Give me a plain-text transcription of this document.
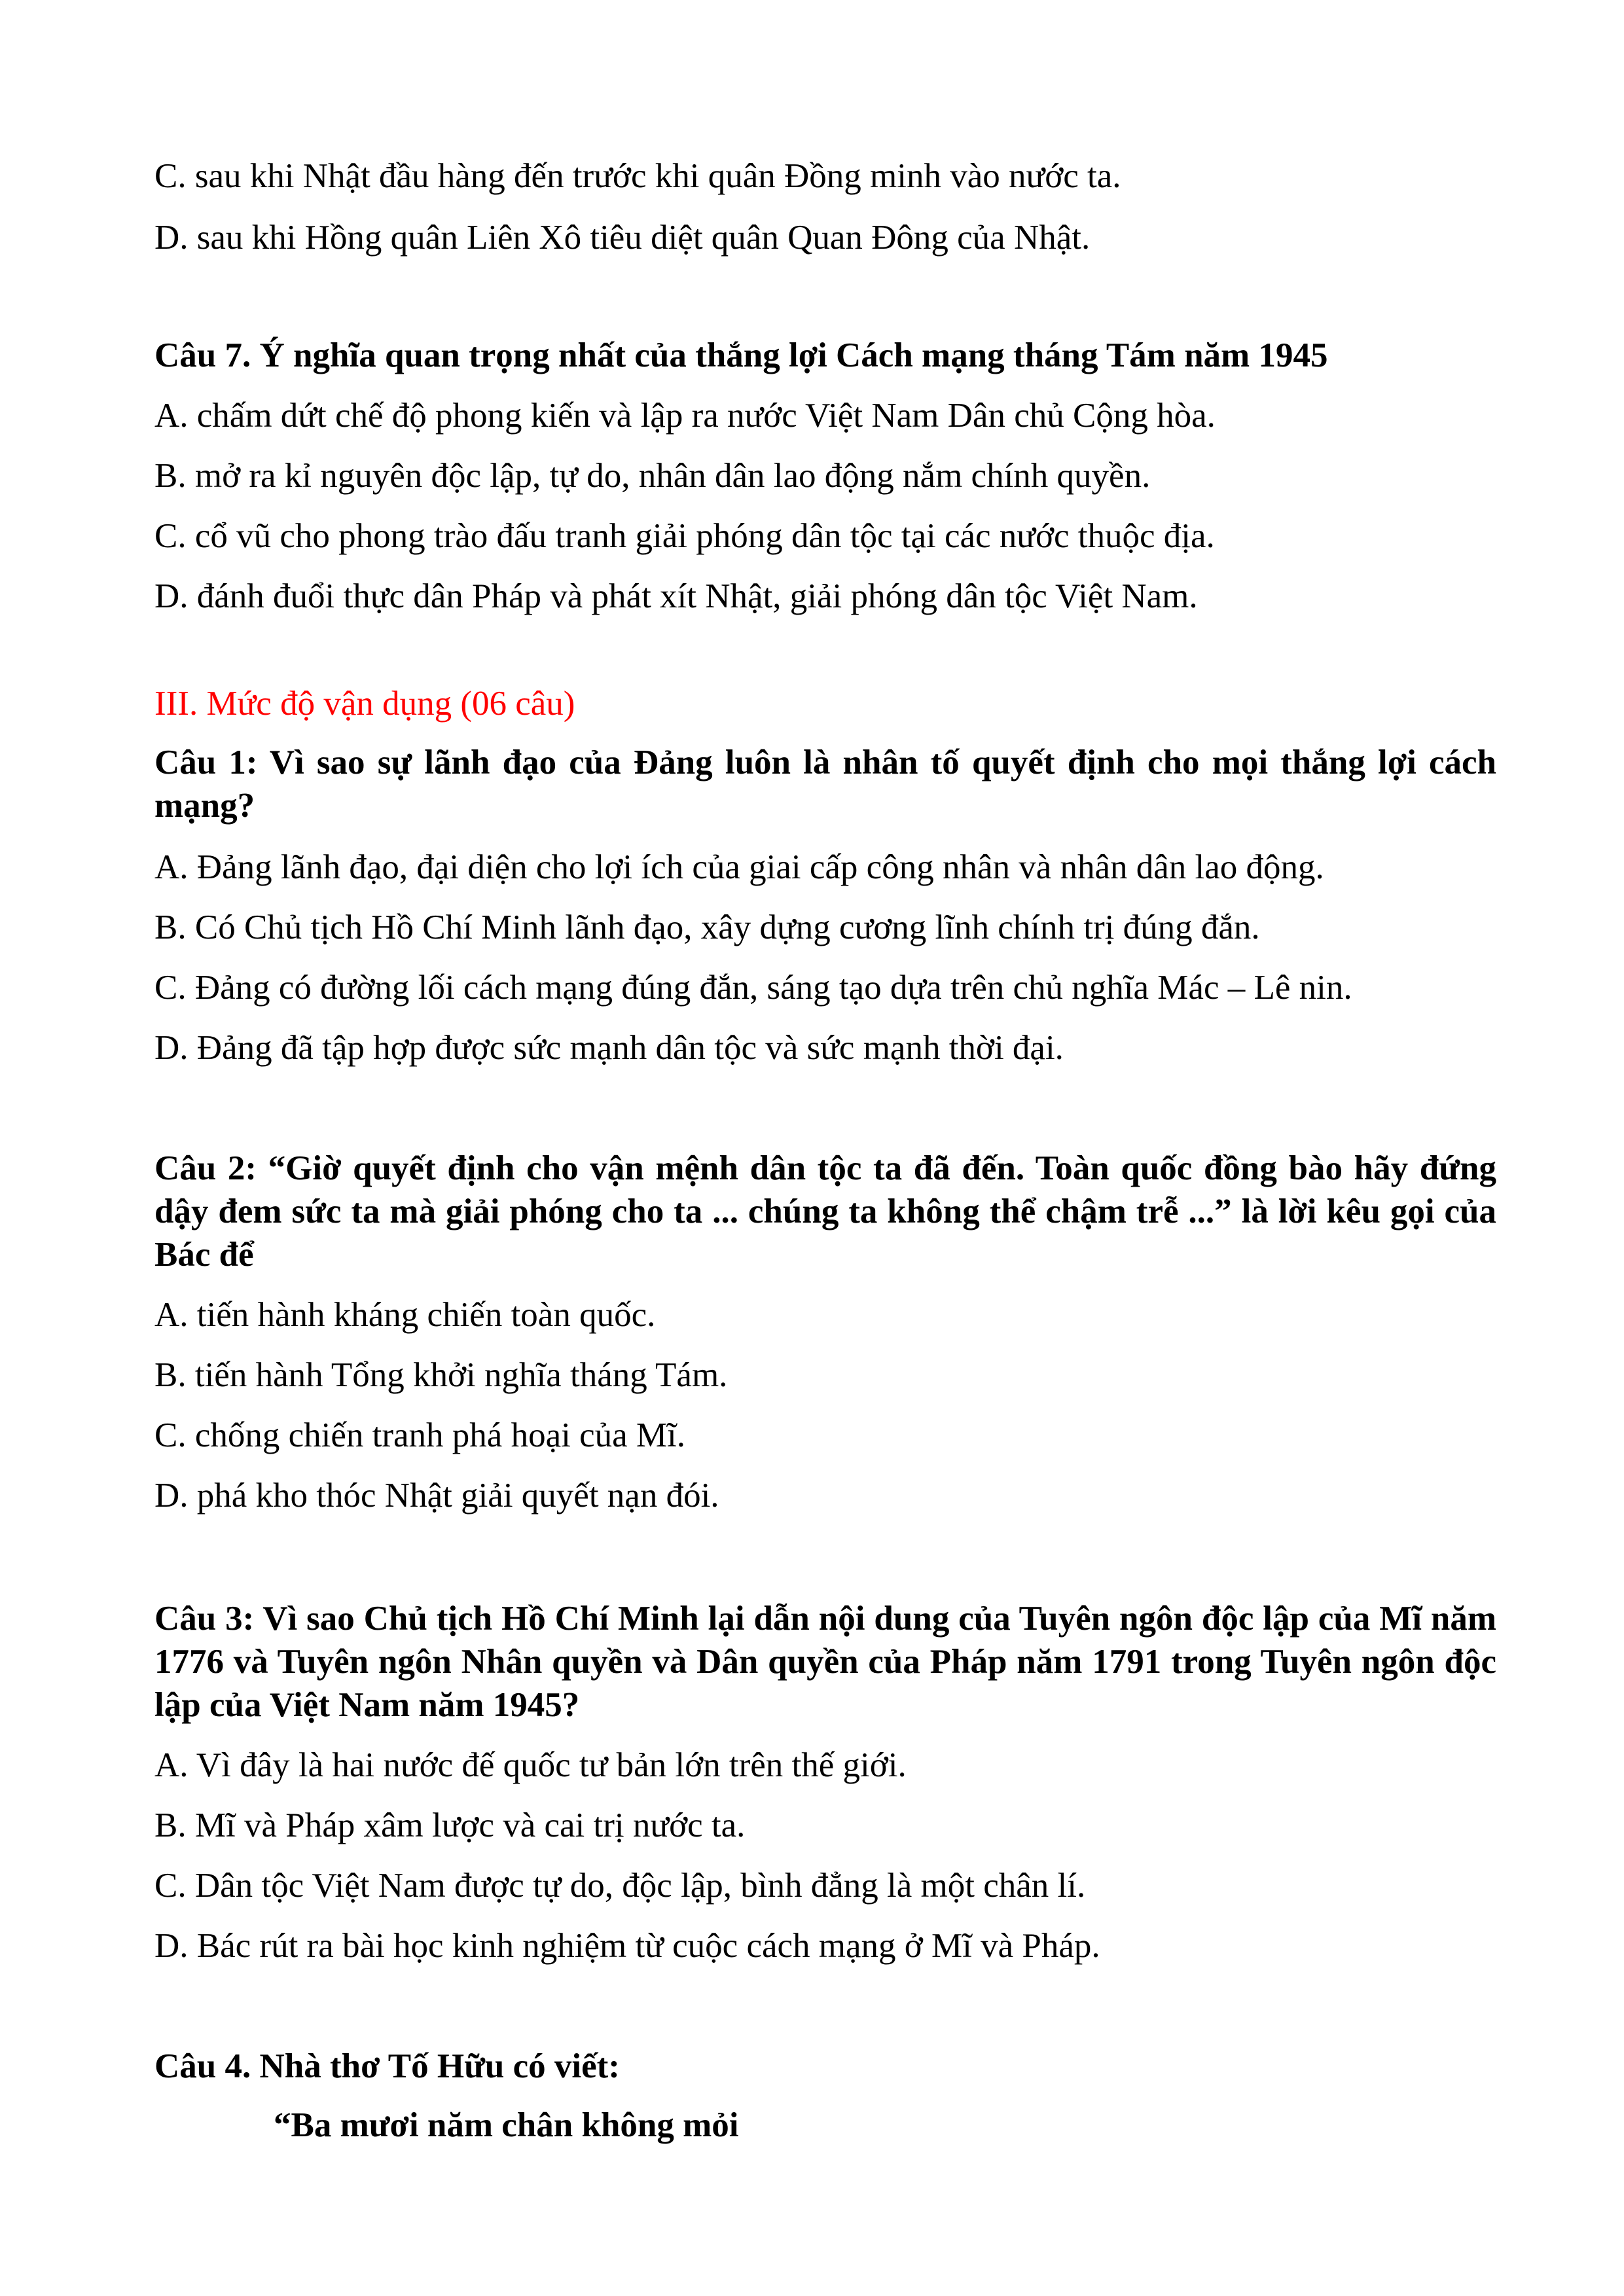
C. sau khi Nhật đầu hàng đến trước khi quân Đồng minh vào nước ta.
D. sau khi Hồng quân Liên Xô tiêu diệt quân Quan Đông của Nhật.
Câu 7. Ý nghĩa quan trọng nhất của thắng lợi Cách mạng tháng Tám năm 1945
A. chấm dứt chế độ phong kiến và lập ra nước Việt Nam Dân chủ Cộng hòa.
B. mở ra kỉ nguyên độc lập, tự do, nhân dân lao động nắm chính quyền.
C. cổ vũ cho phong trào đấu tranh giải phóng dân tộc tại các nước thuộc địa.
D. đánh đuổi thực dân Pháp và phát xít Nhật, giải phóng dân tộc Việt Nam.
III. Mức độ vận dụng (06 câu)
Câu 1: Vì sao sự lãnh đạo của Đảng luôn là nhân tố quyết định cho mọi thắng lợi cách mạng?
A. Đảng lãnh đạo, đại diện cho lợi ích của giai cấp công nhân và nhân dân lao động.
B. Có Chủ tịch Hồ Chí Minh lãnh đạo, xây dựng cương lĩnh chính trị đúng đắn.
C. Đảng có đường lối cách mạng đúng đắn, sáng tạo dựa trên chủ nghĩa Mác – Lê nin.
D. Đảng đã tập hợp được sức mạnh dân tộc và sức mạnh thời đại.
Câu 2: “Giờ quyết định cho vận mệnh dân tộc ta đã đến. Toàn quốc đồng bào hãy đứng dậy đem sức ta mà giải phóng cho ta ... chúng ta không thể chậm trễ ...” là lời kêu gọi của Bác để
A. tiến hành kháng chiến toàn quốc.
B. tiến hành Tổng khởi nghĩa tháng Tám.
C. chống chiến tranh phá hoại của Mĩ.
D. phá kho thóc Nhật giải quyết nạn đói.
Câu 3: Vì sao Chủ tịch Hồ Chí Minh lại dẫn nội dung của Tuyên ngôn độc lập của Mĩ năm 1776 và Tuyên ngôn Nhân quyền và Dân quyền của Pháp năm 1791 trong Tuyên ngôn độc lập của Việt Nam năm 1945?
A. Vì đây là hai nước đế quốc tư bản lớn trên thế giới.
B. Mĩ và Pháp xâm lược và cai trị nước ta.
C. Dân tộc Việt Nam được tự do, độc lập, bình đẳng là một chân lí.
D. Bác rút ra bài học kinh nghiệm từ cuộc cách mạng ở Mĩ và Pháp.
Câu 4. Nhà thơ Tố Hữu có viết:
“Ba mươi năm chân không mỏi
